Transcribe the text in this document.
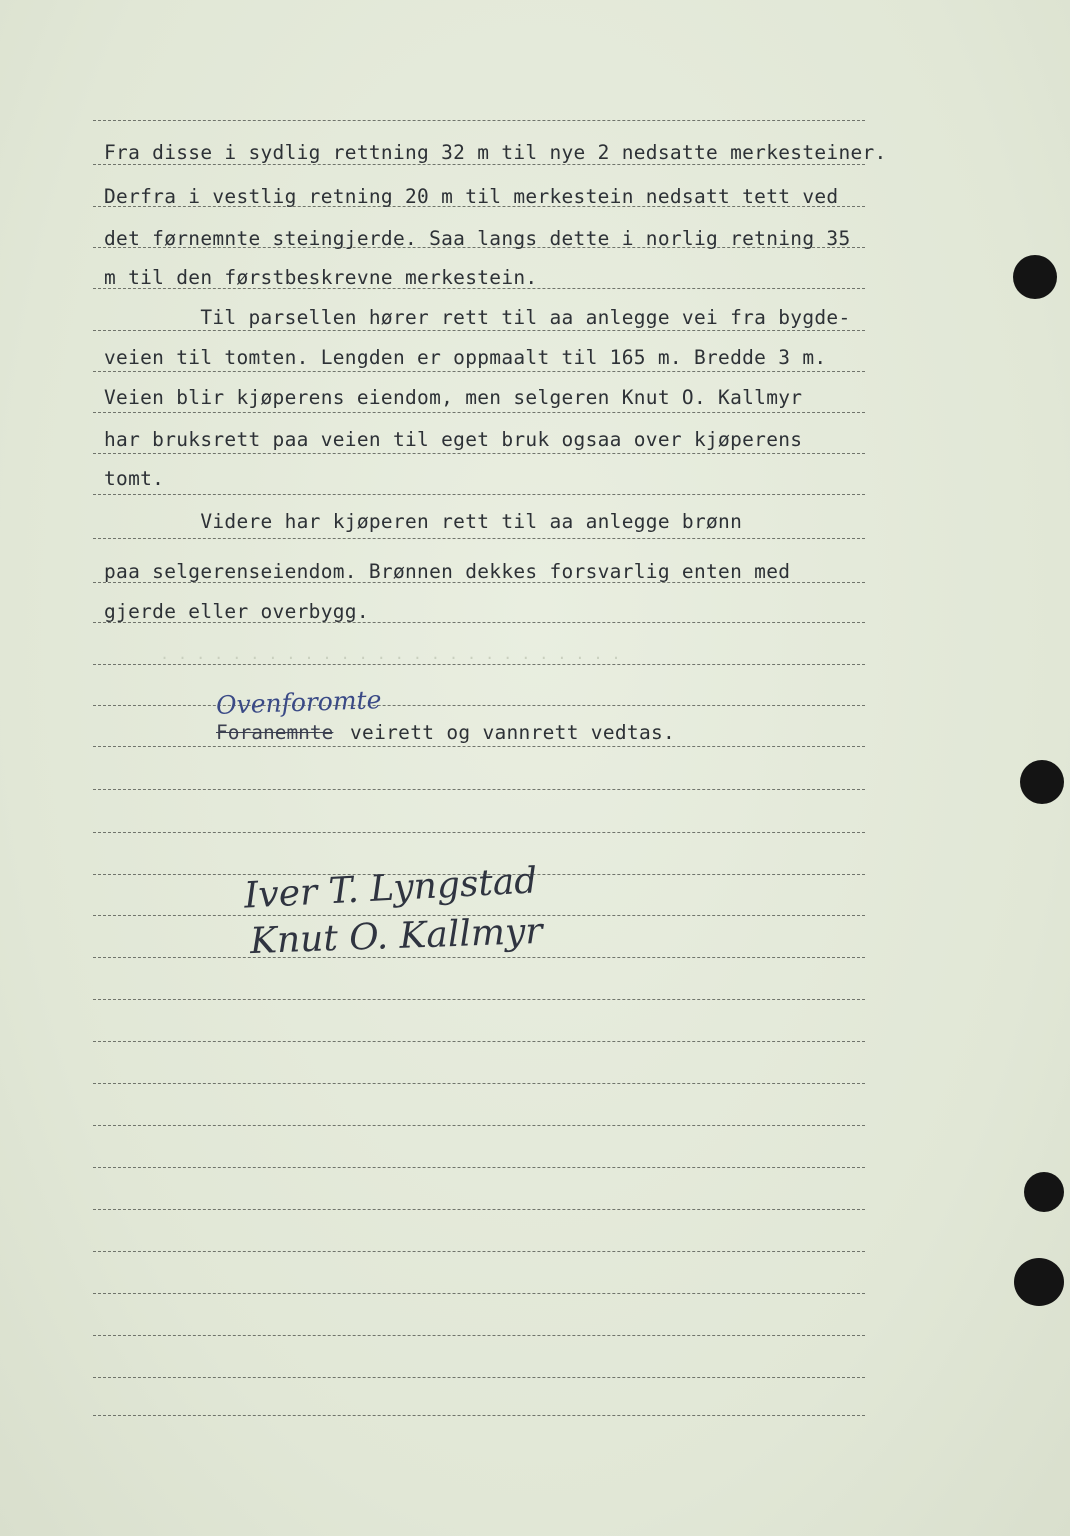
. . . . . . . . . . . . . . . . . . . . . . . . . .
Fra disse i sydlig rettning 32 m til nye 2 nedsatte merkesteiner.
Derfra i vestlig retning 20 m til merkestein nedsatt tett ved
det førnemnte steingjerde. Saa langs dette i norlig retning 35
m til den førstbeskrevne merkestein.
Til parsellen hører rett til aa anlegge vei fra bygde-
veien til tomten. Lengden er oppmaalt til 165 m. Bredde 3 m.
Veien blir kjøperens eiendom, men selgeren Knut O. Kallmyr
har bruksrett paa veien til eget bruk ogsaa over kjøperens
tomt.
Videre har kjøperen rett til aa anlegge brønn
paa selgerenseiendom. Brønnen dekkes forsvarlig enten med
gjerde eller overbygg.
Ovenforomte
Foranemnte veirett og vannrett vedtas.
Iver T. Lyngstad
Knut O. Kallmyr
